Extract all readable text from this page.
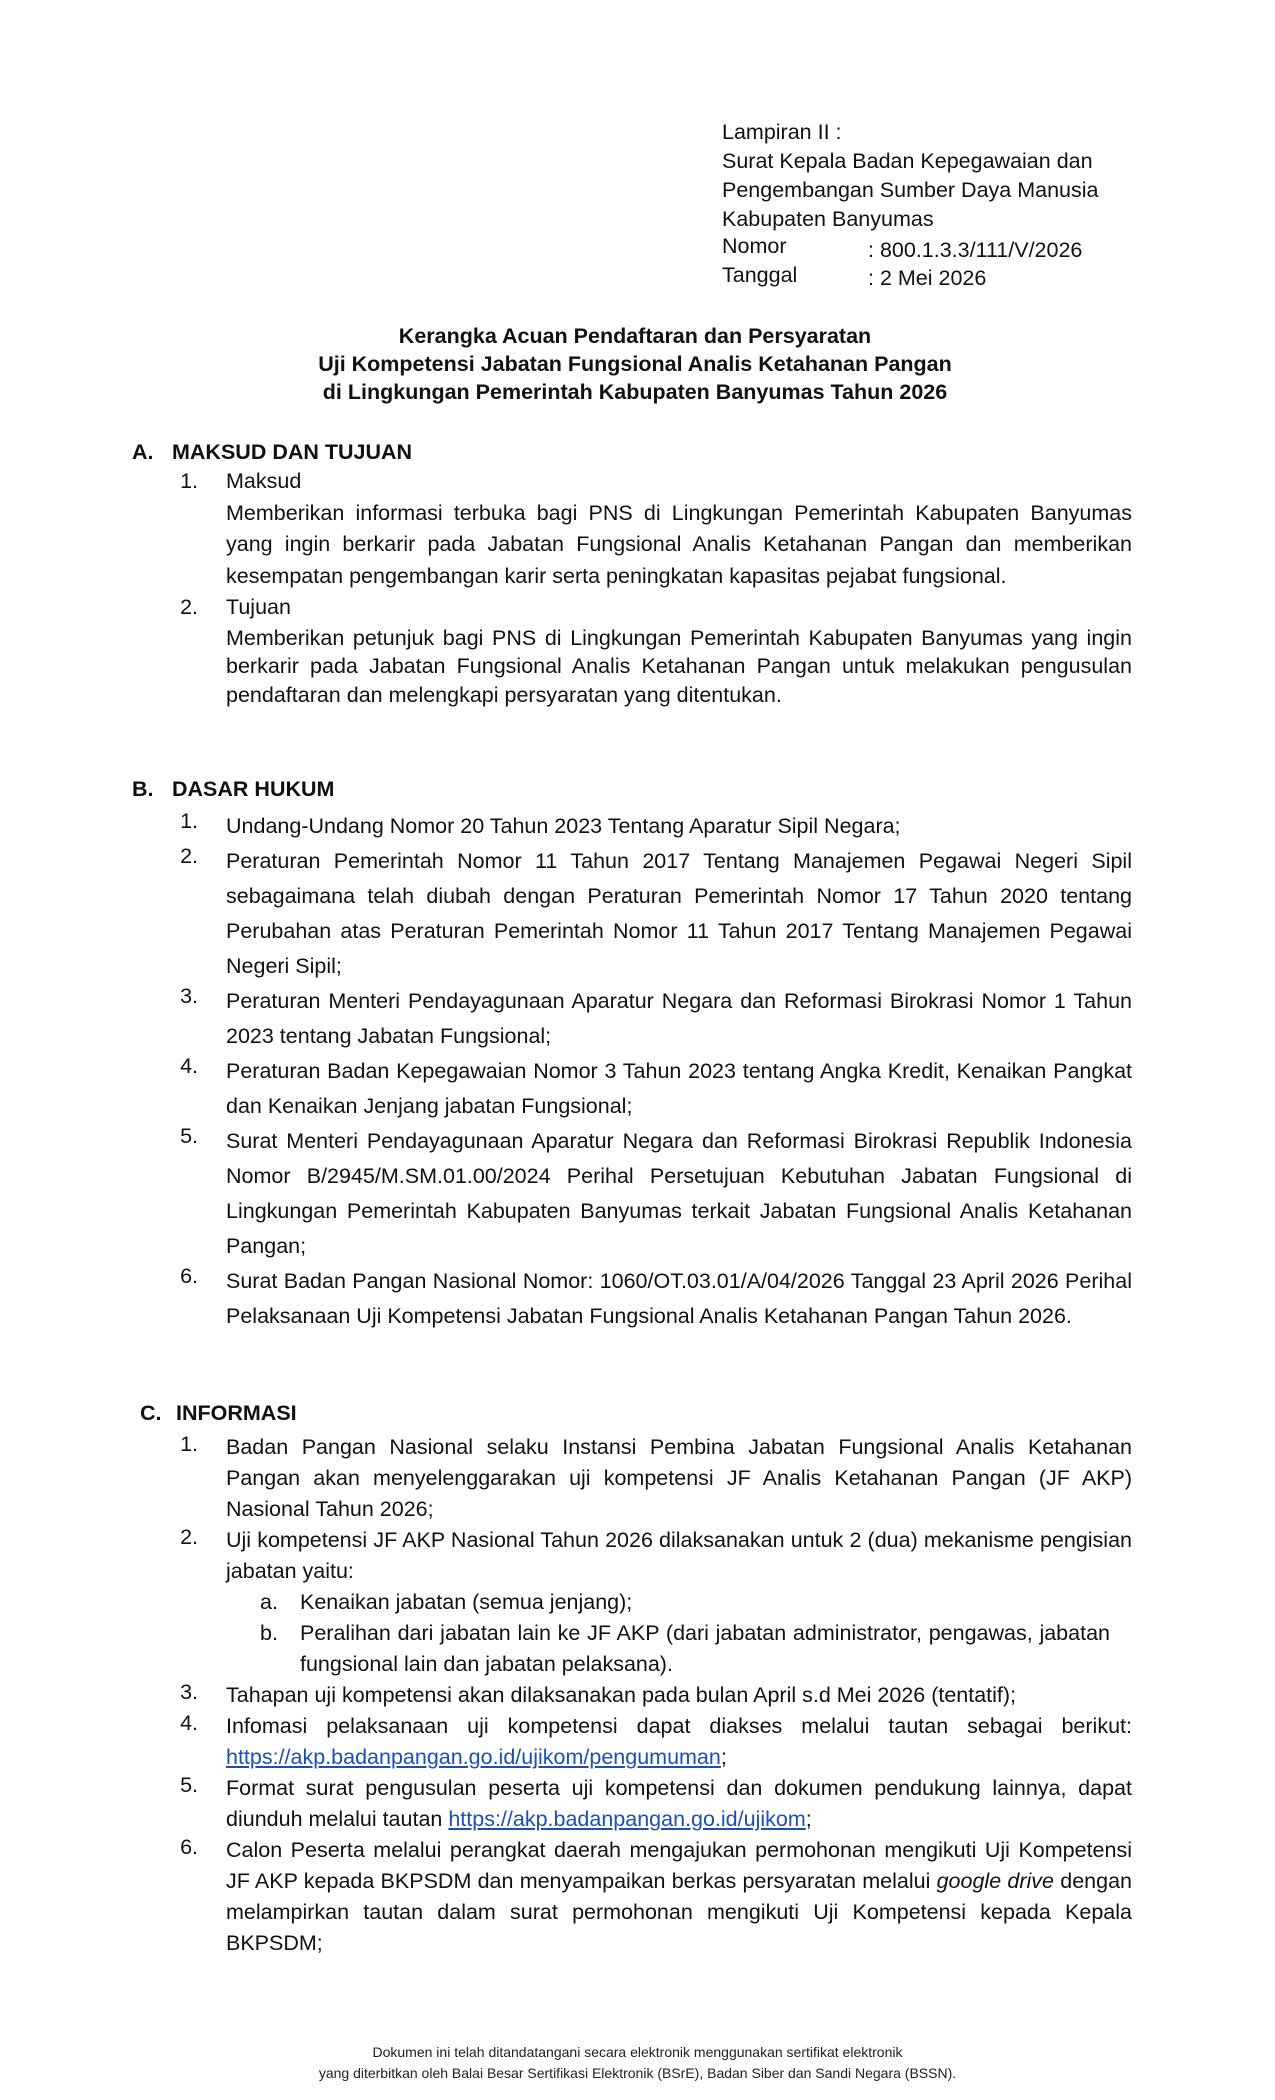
Lampiran II :
Surat Kepala Badan Kepegawaian dan
Pengembangan Sumber Daya Manusia
Kabupaten Banyumas
Nomor	: 800.1.3.3/111/V/2026
Tanggal	: 2 Mei 2026
Kerangka Acuan Pendaftaran dan Persyaratan
Uji Kompetensi Jabatan Fungsional Analis Ketahanan Pangan
di Lingkungan Pemerintah Kabupaten Banyumas Tahun 2026
A. MAKSUD DAN TUJUAN
1. Maksud
Memberikan informasi terbuka bagi PNS di Lingkungan Pemerintah Kabupaten Banyumas yang ingin berkarir pada Jabatan Fungsional Analis Ketahanan Pangan dan memberikan kesempatan pengembangan karir serta peningkatan kapasitas pejabat fungsional.
2. Tujuan
Memberikan petunjuk bagi PNS di Lingkungan Pemerintah Kabupaten Banyumas yang ingin berkarir pada Jabatan Fungsional Analis Ketahanan Pangan untuk melakukan pengusulan pendaftaran dan melengkapi persyaratan yang ditentukan.
B. DASAR HUKUM
1. Undang-Undang Nomor 20 Tahun 2023 Tentang Aparatur Sipil Negara;
2. Peraturan Pemerintah Nomor 11 Tahun 2017 Tentang Manajemen Pegawai Negeri Sipil sebagaimana telah diubah dengan Peraturan Pemerintah Nomor 17 Tahun 2020 tentang Perubahan atas Peraturan Pemerintah Nomor 11 Tahun 2017 Tentang Manajemen Pegawai Negeri Sipil;
3. Peraturan Menteri Pendayagunaan Aparatur Negara dan Reformasi Birokrasi Nomor 1 Tahun 2023 tentang Jabatan Fungsional;
4. Peraturan Badan Kepegawaian Nomor 3 Tahun 2023 tentang Angka Kredit, Kenaikan Pangkat dan Kenaikan Jenjang jabatan Fungsional;
5. Surat Menteri Pendayagunaan Aparatur Negara dan Reformasi Birokrasi Republik Indonesia Nomor B/2945/M.SM.01.00/2024 Perihal Persetujuan Kebutuhan Jabatan Fungsional di Lingkungan Pemerintah Kabupaten Banyumas terkait Jabatan Fungsional Analis Ketahanan Pangan;
6. Surat Badan Pangan Nasional Nomor: 1060/OT.03.01/A/04/2026 Tanggal 23 April 2026 Perihal Pelaksanaan Uji Kompetensi Jabatan Fungsional Analis Ketahanan Pangan Tahun 2026.
C. INFORMASI
1. Badan Pangan Nasional selaku Instansi Pembina Jabatan Fungsional Analis Ketahanan Pangan akan menyelenggarakan uji kompetensi JF Analis Ketahanan Pangan (JF AKP) Nasional Tahun 2026;
2. Uji kompetensi JF AKP Nasional Tahun 2026 dilaksanakan untuk 2 (dua) mekanisme pengisian jabatan yaitu:
a.	Kenaikan jabatan (semua jenjang);
b.	Peralihan dari jabatan lain ke JF AKP (dari jabatan administrator, pengawas, jabatan fungsional lain dan jabatan pelaksana).
3. Tahapan uji kompetensi akan dilaksanakan pada bulan April s.d Mei 2026 (tentatif);
4. Infomasi pelaksanaan uji kompetensi dapat diakses melalui tautan sebagai berikut: https://akp.badanpangan.go.id/ujikom/pengumuman;
5. Format surat pengusulan peserta uji kompetensi dan dokumen pendukung lainnya, dapat diunduh melalui tautan https://akp.badanpangan.go.id/ujikom;
6. Calon Peserta melalui perangkat daerah mengajukan permohonan mengikuti Uji Kompetensi JF AKP kepada BKPSDM dan menyampaikan berkas persyaratan melalui google drive dengan melampirkan tautan dalam surat permohonan mengikuti Uji Kompetensi kepada Kepala BKPSDM;
Dokumen ini telah ditandatangani secara elektronik menggunakan sertifikat elektronik
yang diterbitkan oleh Balai Besar Sertifikasi Elektronik (BSrE), Badan Siber dan Sandi Negara (BSSN).
